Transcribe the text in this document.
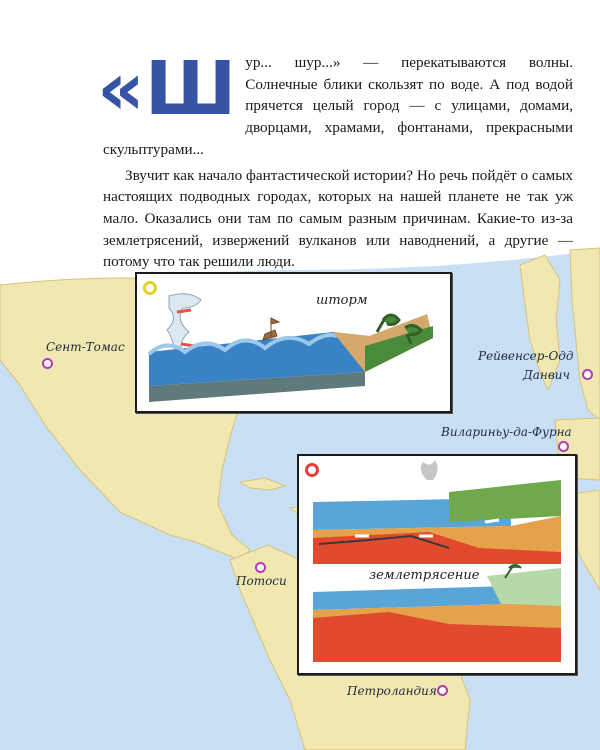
«Ш ур... шур...» — перекатываются волны. Солнечные блики скользят по воде. А под водой прячется целый город — с улицами, домами, дворцами, храмами, фонтанами, прекрасными скульптурами...

Звучит как начало фантастической истории? Но речь пойдёт о самых настоящих подводных городах, которых на нашей планете не так уж мало. Оказались они там по самым разным причинам. Какие-то из-за землетрясений, извержений вулканов или наводнений, а другие — потому что так решили люди.

Сент-Томас
Рейвенсер-Одд
Данвич
Вилариньу-да-Фурна
Потоси
Петроландия
шторм
землетрясение
